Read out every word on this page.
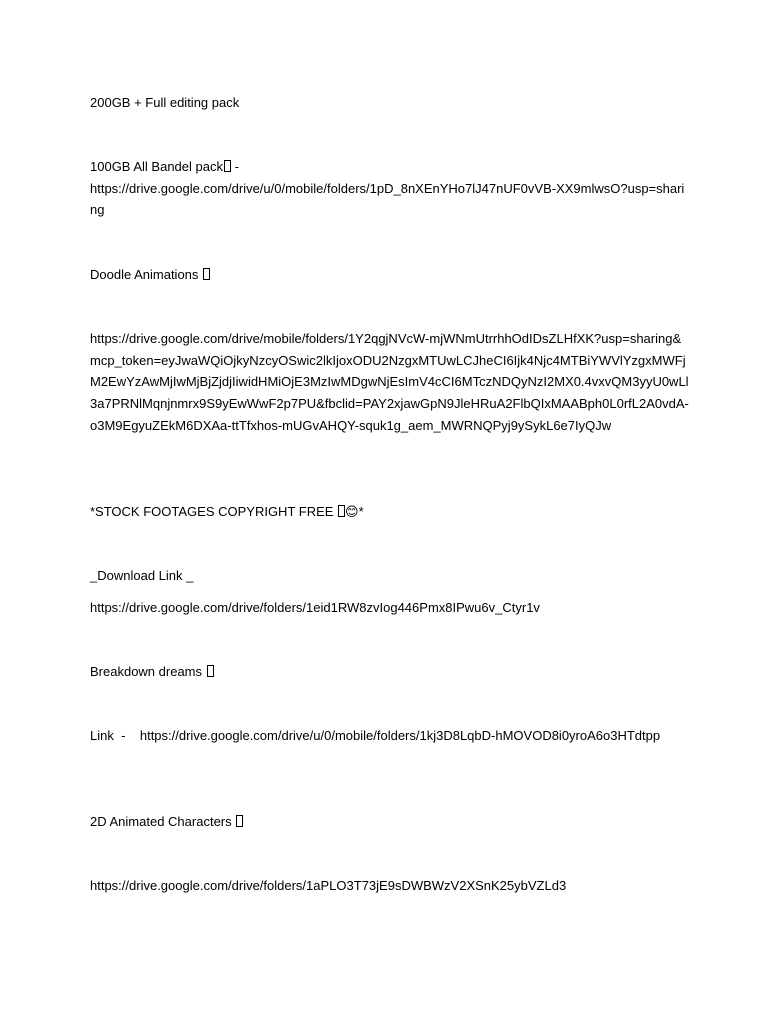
200GB + Full editing pack
100GB All Bandel pack -
https://drive.google.com/drive/u/0/mobile/folders/1pD_8nXEnYHo7lJ47nUF0vVB-XX9mlwsO?usp=sharing
Doodle Animations
https://drive.google.com/drive/mobile/folders/1Y2qgjNVcW-mjWNmUtrrhhOdIDsZLHfXK?usp=sharing&mcp_token=eyJwaWQiOjkyNzcyOSwic2lkIjoxODU2NzgxMTUwLCJheCI6Ijk4Njc4MTBiYWVlYzgxMWFjM2EwYzAwMjIwMjBjZjdjIiwidHMiOjE3MzIwMDgwNjEsImV4cCI6MTczNDQyNzI2MX0.4vxvQM3yyU0wLl3a7PRNlMqnjnmrx9S9yEwWwF2p7PU&fbclid=PAY2xjawGpN9JleHRuA2FlbQIxMAABph0L0rfL2A0vdA-o3M9EgyuZEkM6DXAa-ttTfxhos-mUGvAHQY-squk1g_aem_MWRNQPyj9ySykL6e7IyQJw
*STOCK FOOTAGES COPYRIGHT FREE 😊*
_Download Link _
https://drive.google.com/drive/folders/1eid1RW8zvIog446Pmx8IPwu6v_Ctyr1v
Breakdown dreams
Link  -    https://drive.google.com/drive/u/0/mobile/folders/1kj3D8LqbD-hMOVOD8i0yroA6o3HTdtpp
2D Animated Characters
https://drive.google.com/drive/folders/1aPLO3T73jE9sDWBWzV2XSnK25ybVZLd3
